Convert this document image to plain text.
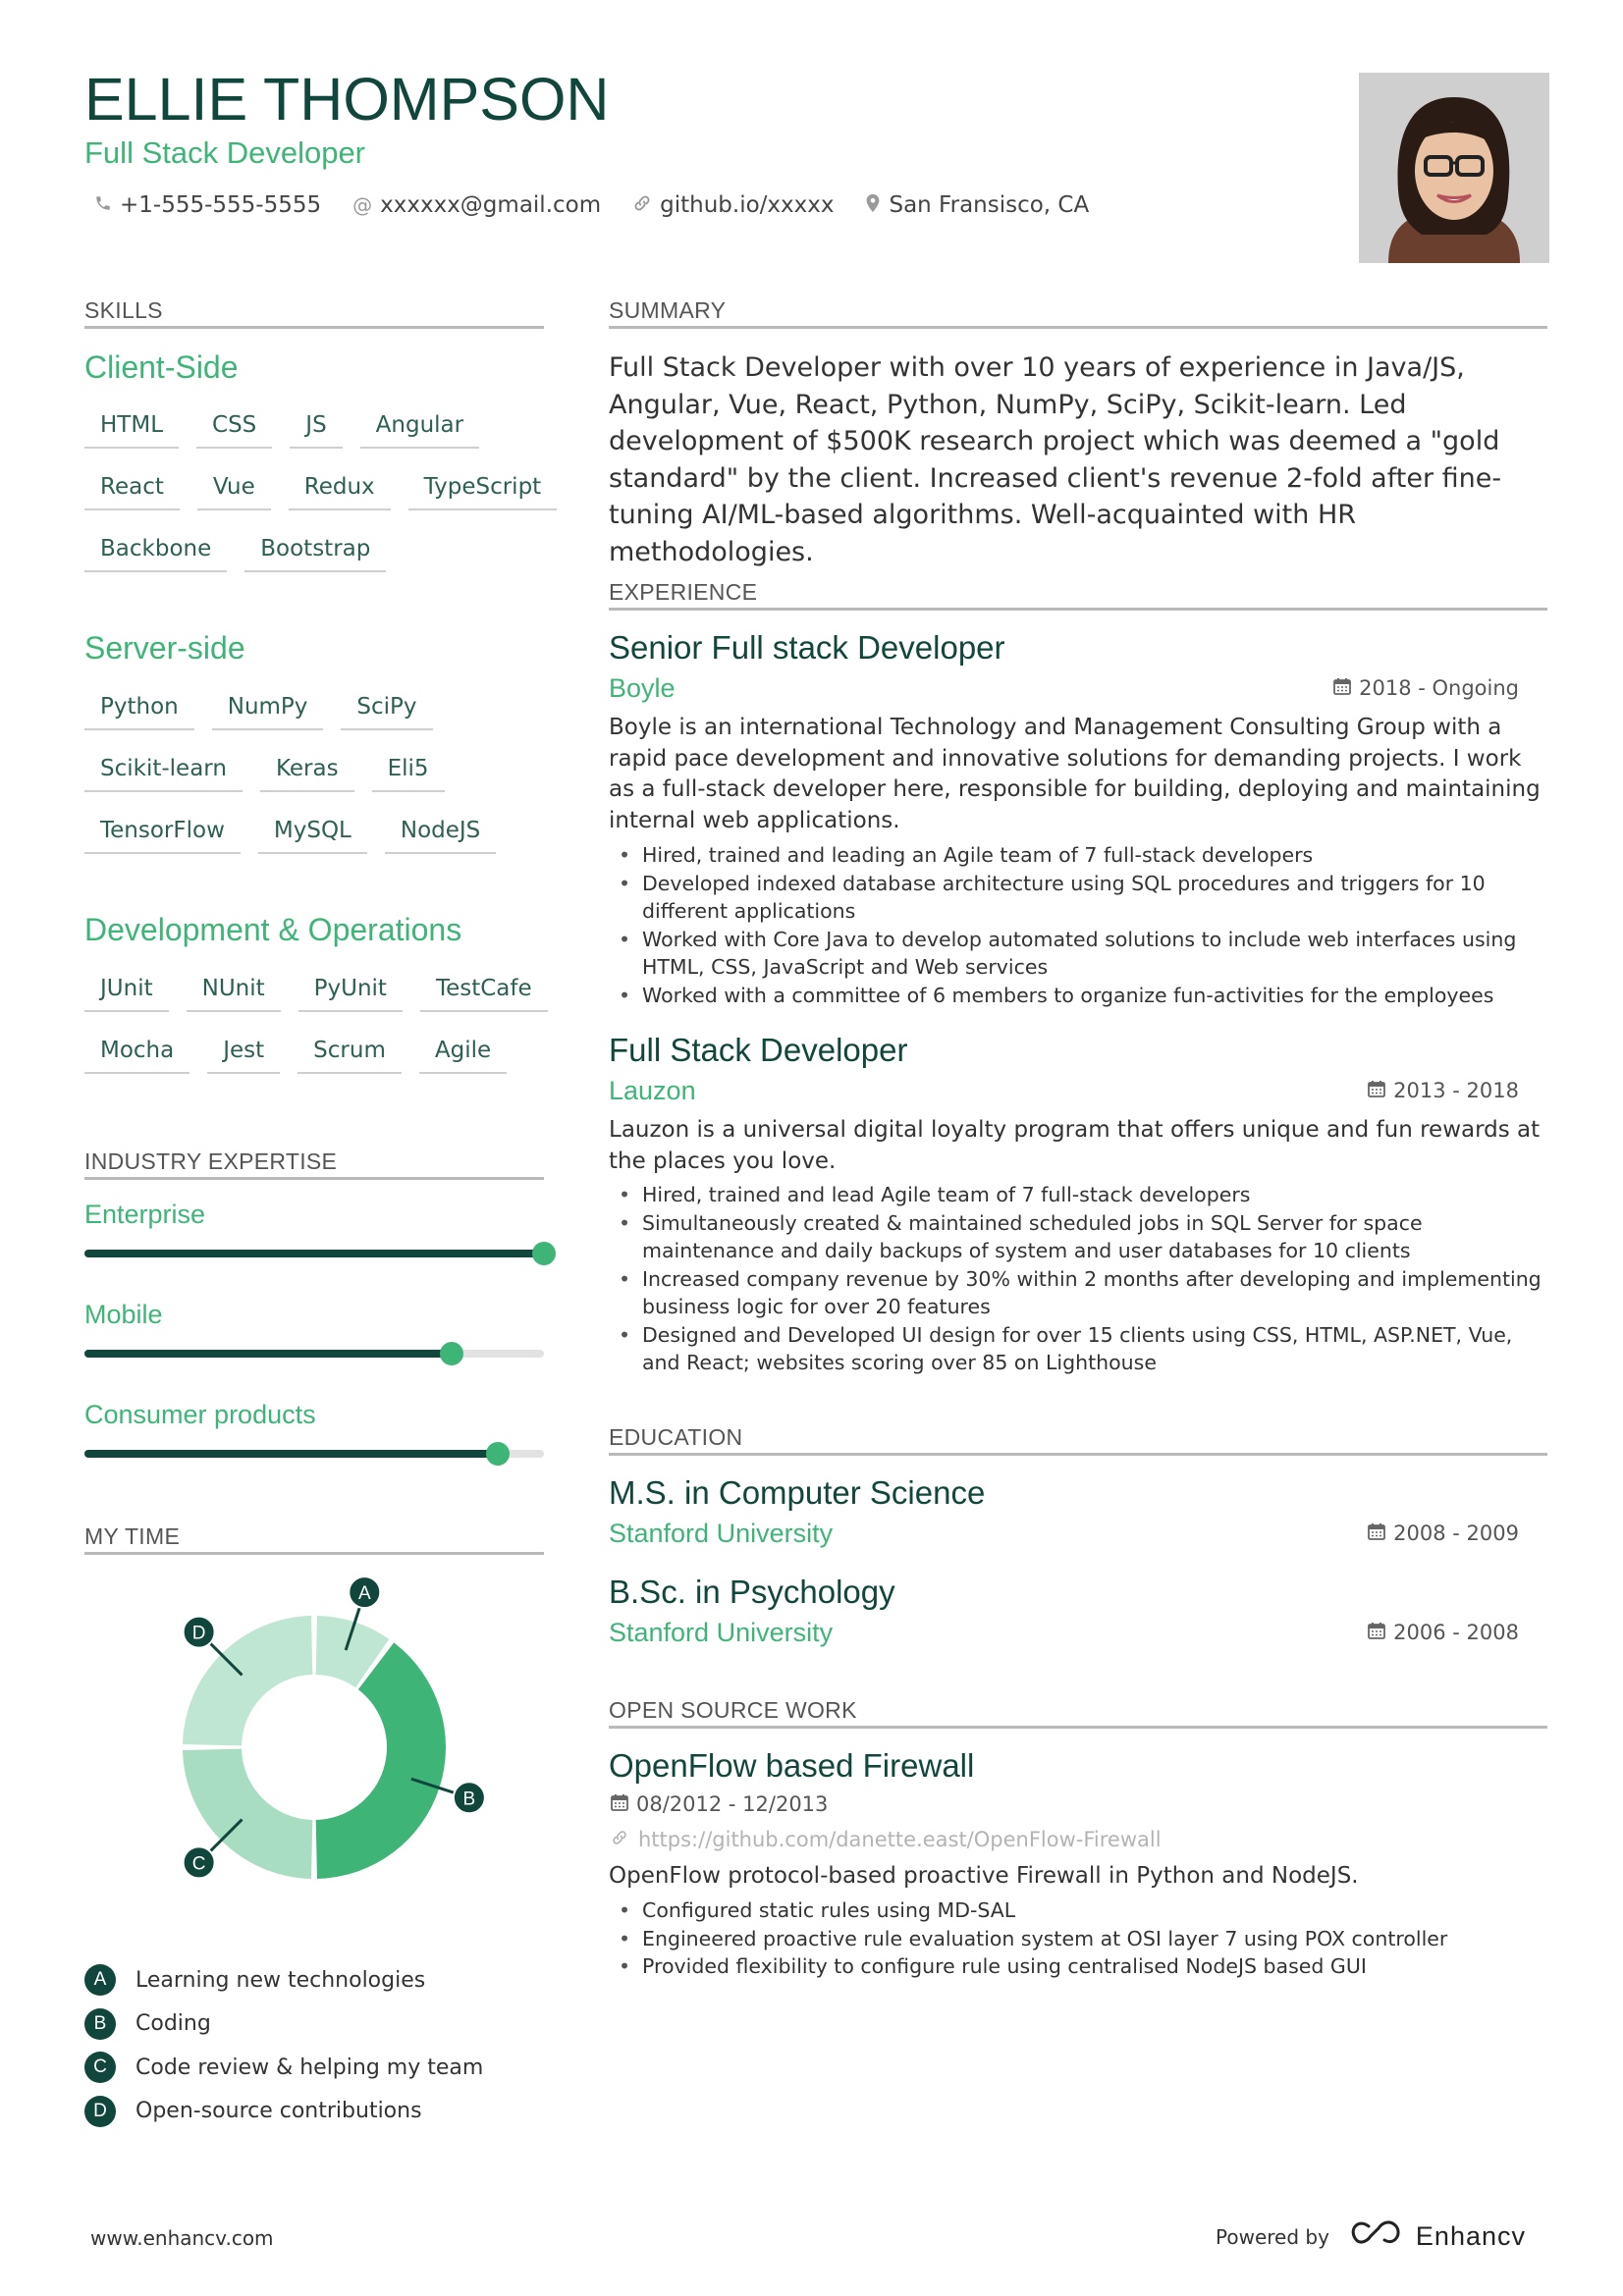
ELLIE THOMPSON
Full Stack Developer
+1-555-555-5555 @ xxxxxx@gmail.com	github.io/xxxxx San Fransisco, CA
SKILLS
Client-Side
HTML	CSS	JS	Angular
React	Vue	Redux	TypeScript
Backbone	Bootstrap
Server-side
Python	NumPy	SciPy
Scikit-learn	Keras	Eli5
TensorFlow	MySQL	NodeJS
Development & Operations
JUnit	NUnit	PyUnit	TestCafe
Mocha	Jest	Scrum	Agile
INDUSTRY EXPERTISE
Enterprise
Mobile
Consumer products
MY TIME
A
B
C
D
A	Learning new technologies
B	Coding
C	Code review & helping my team
D	Open-source contributions
SUMMARY
Full Stack Developer with over 10 years of experience in Java/JS, Angular, Vue, React, Python, NumPy, SciPy, Scikit-learn. Led development of $500K research project which was deemed a "gold standard" by the client. Increased client's revenue 2-fold after fine-tuning AI/ML-based algorithms. Well-acquainted with HR methodologies.
EXPERIENCE
Senior Full stack Developer
Boyle	2018 - Ongoing
Boyle is an international Technology and Management Consulting Group with a rapid pace development and innovative solutions for demanding projects. I work as a full-stack developer here, responsible for building, deploying and maintaining internal web applications.
• Hired, trained and leading an Agile team of 7 full-stack developers
• Developed indexed database architecture using SQL procedures and triggers for 10 different applications
• Worked with Core Java to develop automated solutions to include web interfaces using HTML, CSS, JavaScript and Web services
• Worked with a committee of 6 members to organize fun-activities for the employees
Full Stack Developer
Lauzon	2013 - 2018
Lauzon is a universal digital loyalty program that offers unique and fun rewards at the places you love.
• Hired, trained and lead Agile team of 7 full-stack developers
• Simultaneously created & maintained scheduled jobs in SQL Server for space maintenance and daily backups of system and user databases for 10 clients
• Increased company revenue by 30% within 2 months after developing and implementing business logic for over 20 features
• Designed and Developed UI design for over 15 clients using CSS, HTML, ASP.NET, Vue, and React; websites scoring over 85 on Lighthouse
EDUCATION
M.S. in Computer Science
Stanford University	2008 - 2009
B.Sc. in Psychology
Stanford University	2006 - 2008
OPEN SOURCE WORK
OpenFlow based Firewall
08/2012 - 12/2013
https://github.com/danette.east/OpenFlow-Firewall
OpenFlow protocol-based proactive Firewall in Python and NodeJS.
• Configured static rules using MD-SAL
• Engineered proactive rule evaluation system at OSI layer 7 using POX controller
• Provided flexibility to configure rule using centralised NodeJS based GUI
www.enhancv.com	Powered by	Enhancv
